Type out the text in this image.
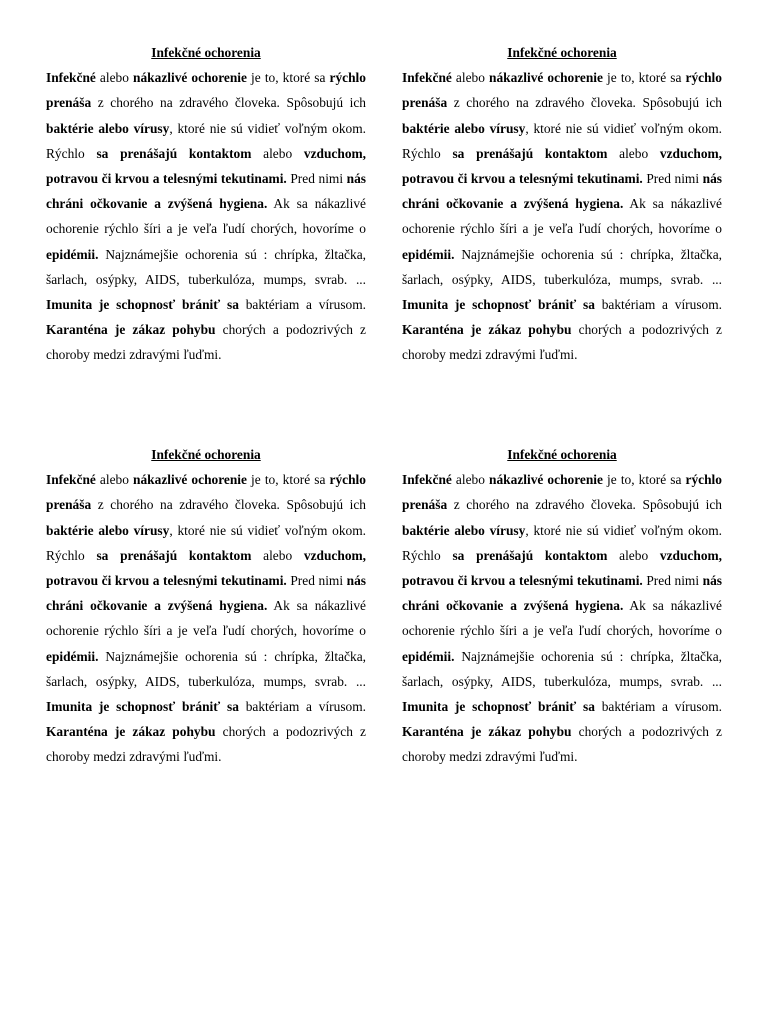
Infekčné ochorenia

Infekčné alebo nákazlivé ochorenie je to, ktoré sa rýchlo prenáša z chorého na zdravého človeka. Spôsobujú ich baktérie alebo vírusy, ktoré nie sú vidieť voľným okom. Rýchlo sa prenášajú kontaktom alebo vzduchom, potravou či krvou a telesnými tekutinami. Pred nimi nás chráni očkovanie a zvýšená hygiena. Ak sa nákazlivé ochorenie rýchlo šíri a je veľa ľudí chorých, hovoríme o epidémii. Najznámejšie ochorenia sú : chrípka, žltačka, šarlach, osýpky, AIDS, tuberkulóza, mumps, svrab. ... Imunita je schopnosť brániť sa baktériam a vírusom. Karanténa je zákaz pohybu chorých a podozrivých z choroby medzi zdravými ľuďmi.

Infekčné ochorenia

Infekčné alebo nákazlivé ochorenie je to, ktoré sa rýchlo prenáša z chorého na zdravého človeka. Spôsobujú ich baktérie alebo vírusy, ktoré nie sú vidieť voľným okom. Rýchlo sa prenášajú kontaktom alebo vzduchom, potravou či krvou a telesnými tekutinami. Pred nimi nás chráni očkovanie a zvýšená hygiena. Ak sa nákazlivé ochorenie rýchlo šíri a je veľa ľudí chorých, hovoríme o epidémii. Najznámejšie ochorenia sú : chrípka, žltačka, šarlach, osýpky, AIDS, tuberkulóza, mumps, svrab. ... Imunita je schopnosť brániť sa baktériam a vírusom. Karanténa je zákaz pohybu chorých a podozrivých z choroby medzi zdravými ľuďmi.

Infekčné ochorenia

Infekčné alebo nákazlivé ochorenie je to, ktoré sa rýchlo prenáša z chorého na zdravého človeka. Spôsobujú ich baktérie alebo vírusy, ktoré nie sú vidieť voľným okom. Rýchlo sa prenášajú kontaktom alebo vzduchom, potravou či krvou a telesnými tekutinami. Pred nimi nás chráni očkovanie a zvýšená hygiena. Ak sa nákazlivé ochorenie rýchlo šíri a je veľa ľudí chorých, hovoríme o epidémii. Najznámejšie ochorenia sú : chrípka, žltačka, šarlach, osýpky, AIDS, tuberkulóza, mumps, svrab. ... Imunita je schopnosť brániť sa baktériam a vírusom. Karanténa je zákaz pohybu chorých a podozrivých z choroby medzi zdravými ľuďmi.

Infekčné ochorenia

Infekčné alebo nákazlivé ochorenie je to, ktoré sa rýchlo prenáša z chorého na zdravého človeka. Spôsobujú ich baktérie alebo vírusy, ktoré nie sú vidieť voľným okom. Rýchlo sa prenášajú kontaktom alebo vzduchom, potravou či krvou a telesnými tekutinami. Pred nimi nás chráni očkovanie a zvýšená hygiena. Ak sa nákazlivé ochorenie rýchlo šíri a je veľa ľudí chorých, hovoríme o epidémii. Najznámejšie ochorenia sú : chrípka, žltačka, šarlach, osýpky, AIDS, tuberkulóza, mumps, svrab. ... Imunita je schopnosť brániť sa baktériam a vírusom. Karanténa je zákaz pohybu chorých a podozrivých z choroby medzi zdravými ľuďmi.
